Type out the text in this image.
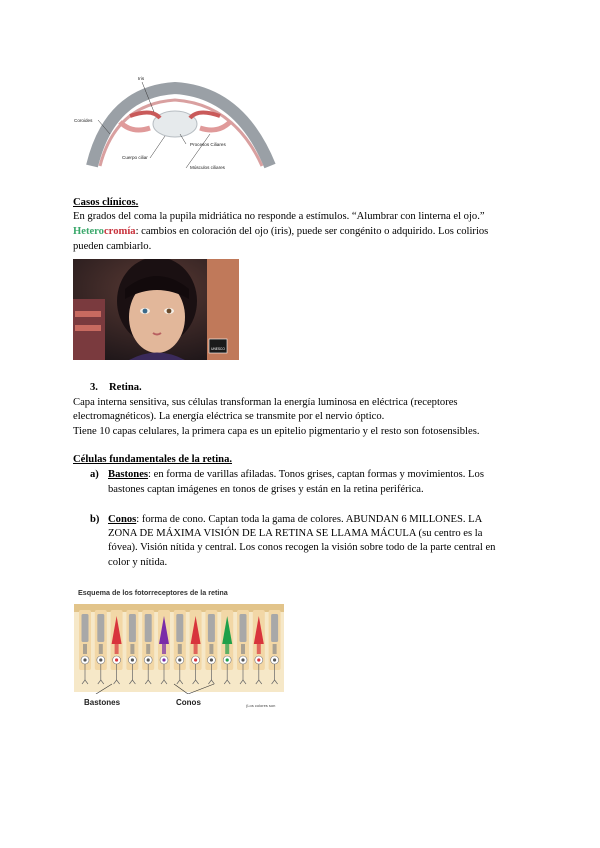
Iris
Coroides
Cuerpo ciliar
Procesos Ciliares
Músculos ciliares
Casos clínicos.
En grados del coma la pupila midriática no responde a estímulos. “Alumbrar con linterna el ojo.”
Heterocromía: cambios en coloración del ojo (iris), puede ser congénito o adquirido. Los colirios
pueden cambiarlo.
UNESCO
3. Retina.
Capa interna sensitiva, sus células transforman la energía luminosa en eléctrica (receptores
electromagnéticos). La energía eléctrica se transmite por el nervio óptico.
Tiene 10 capas celulares, la primera capa es un epitelio pigmentario y el resto son fotosensibles.
Células fundamentales de la retina.
a) Bastones: en forma de varillas afiladas. Tonos grises, captan formas y movimientos. Los
bastones captan imágenes en tonos de grises y están en la retina periférica.
b) Conos: forma de cono. Captan toda la gama de colores. ABUNDAN 6 MILLONES. LA
ZONA DE MÁXIMA VISIÓN DE LA RETINA SE LLAMA MÁCULA (su centro es la
fóvea). Visión nítida y central. Los conos recogen la visión sobre todo de la parte central en
color y nítida.
Esquema de los fotorreceptores de la retina
Bastones	Conos	(Los colores son
